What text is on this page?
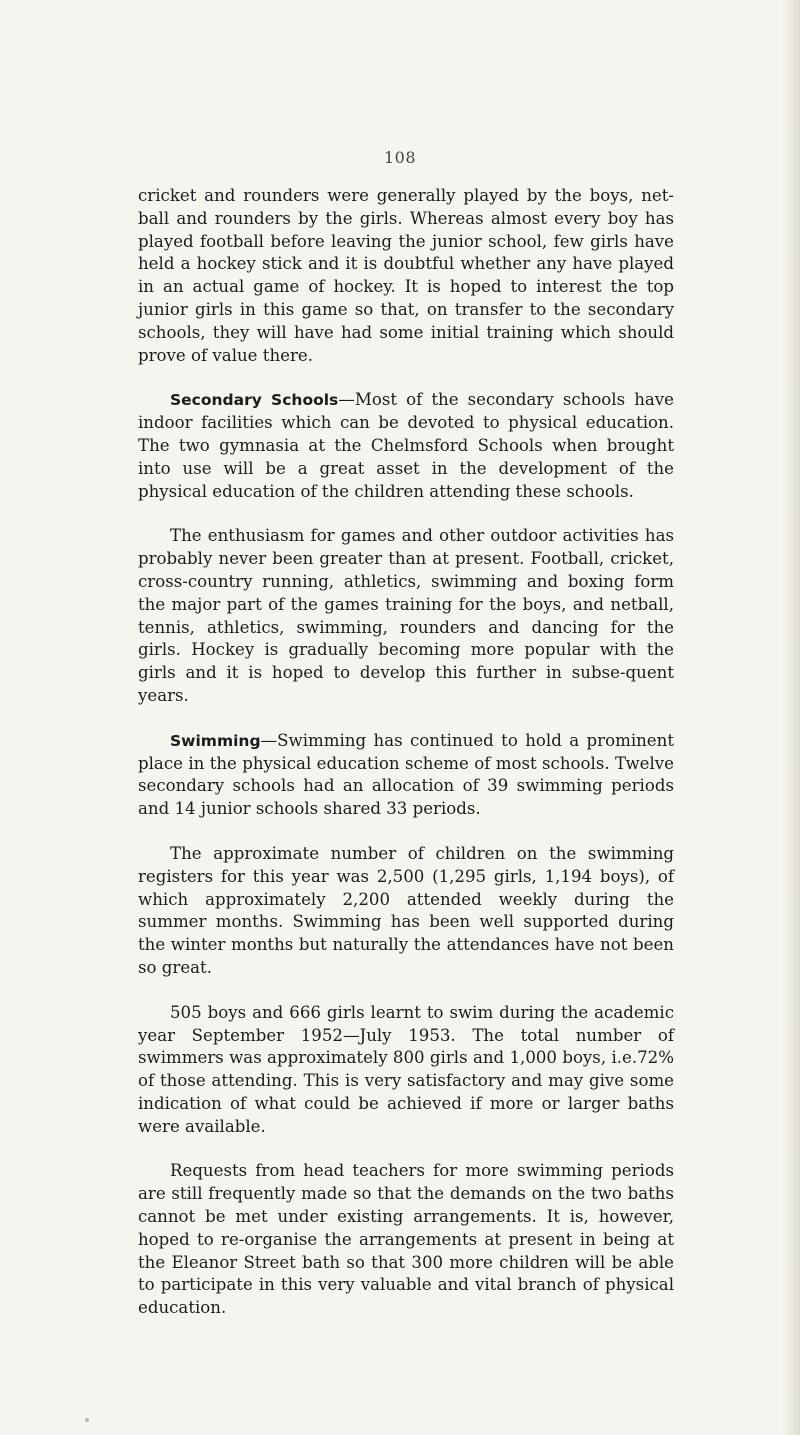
108

cricket and rounders were generally played by the boys, net-ball and rounders by the girls. Whereas almost every boy has played football before leaving the junior school, few girls have held a hockey stick and it is doubtful whether any have played in an actual game of hockey. It is hoped to interest the top junior girls in this game so that, on transfer to the secondary schools, they will have had some initial training which should prove of value there.

Secondary Schools—Most of the secondary schools have indoor facilities which can be devoted to physical education. The two gymnasia at the Chelmsford Schools when brought into use will be a great asset in the development of the physical education of the children attending these schools.

The enthusiasm for games and other outdoor activities has probably never been greater than at present. Football, cricket, cross-country running, athletics, swimming and boxing form the major part of the games training for the boys, and netball, tennis, athletics, swimming, rounders and dancing for the girls. Hockey is gradually becoming more popular with the girls and it is hoped to develop this further in subse-quent years.

Swimming—Swimming has continued to hold a prominent place in the physical education scheme of most schools. Twelve secondary schools had an allocation of 39 swimming periods and 14 junior schools shared 33 periods.

The approximate number of children on the swimming registers for this year was 2,500 (1,295 girls, 1,194 boys), of which approximately 2,200 attended weekly during the summer months. Swimming has been well supported during the winter months but naturally the attendances have not been so great.

505 boys and 666 girls learnt to swim during the academic year September 1952—July 1953. The total number of swimmers was approximately 800 girls and 1,000 boys, i.e.72% of those attending. This is very satisfactory and may give some indication of what could be achieved if more or larger baths were available.

Requests from head teachers for more swimming periods are still frequently made so that the demands on the two baths cannot be met under existing arrangements. It is, however, hoped to re-organise the arrangements at present in being at the Eleanor Street bath so that 300 more children will be able to participate in this very valuable and vital branch of physical education.
